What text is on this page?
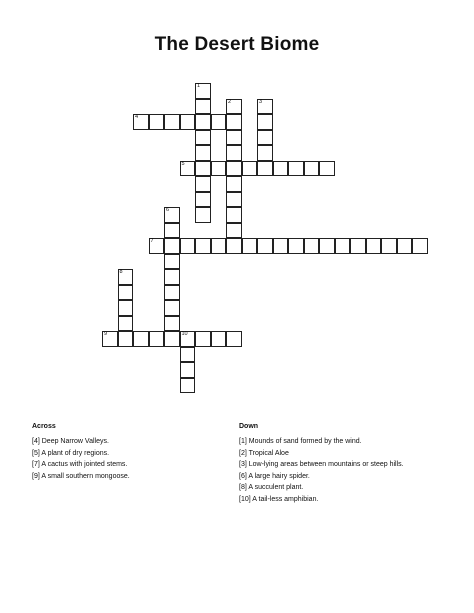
The Desert Biome
1
2	3
4
5
6
7
8
9	10
Across
[4] Deep Narrow Valleys.
[5] A plant of dry regions.
[7] A cactus with jointed stems.
[9] A small southern mongoose.
Down
[1] Mounds of sand formed by the wind.
[2] Tropical Aloe
[3] Low-lying areas between mountains or steep hills.
[6] A large hairy spider.
[8] A succulent plant.
[10] A tail-less amphibian.
